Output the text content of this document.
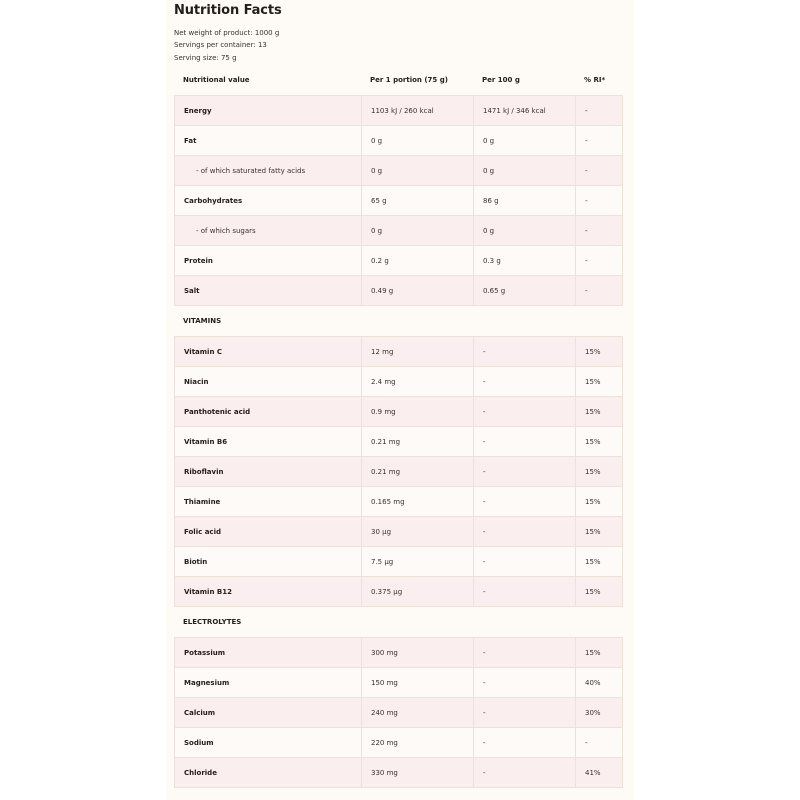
Nutrition Facts
Net weight of product: 1000 g
Servings per container: 13
Serving size: 75 g
Nutritional value	Per 1 portion (75 g)	Per 100 g	% RI*
Energy	1103 kJ / 260 kcal	1471 kJ / 346 kcal	-
Fat	0 g	0 g	-
- of which saturated fatty acids	0 g	0 g	-
Carbohydrates	65 g	86 g	-
- of which sugars	0 g	0 g	-
Protein	0.2 g	0.3 g	-
Salt	0.49 g	0.65 g	-
VITAMINS
Vitamin C	12 mg	-	15%
Niacin	2.4 mg	-	15%
Panthotenic acid	0.9 mg	-	15%
Vitamin B6	0.21 mg	-	15%
Riboflavin	0.21 mg	-	15%
Thiamine	0.165 mg	-	15%
Folic acid	30 µg	-	15%
Biotin	7.5 µg	-	15%
Vitamin B12	0.375 µg	-	15%
ELECTROLYTES
Potassium	300 mg	-	15%
Magnesium	150 mg	-	40%
Calcium	240 mg	-	30%
Sodium	220 mg	-	-
Chloride	330 mg	-	41%
